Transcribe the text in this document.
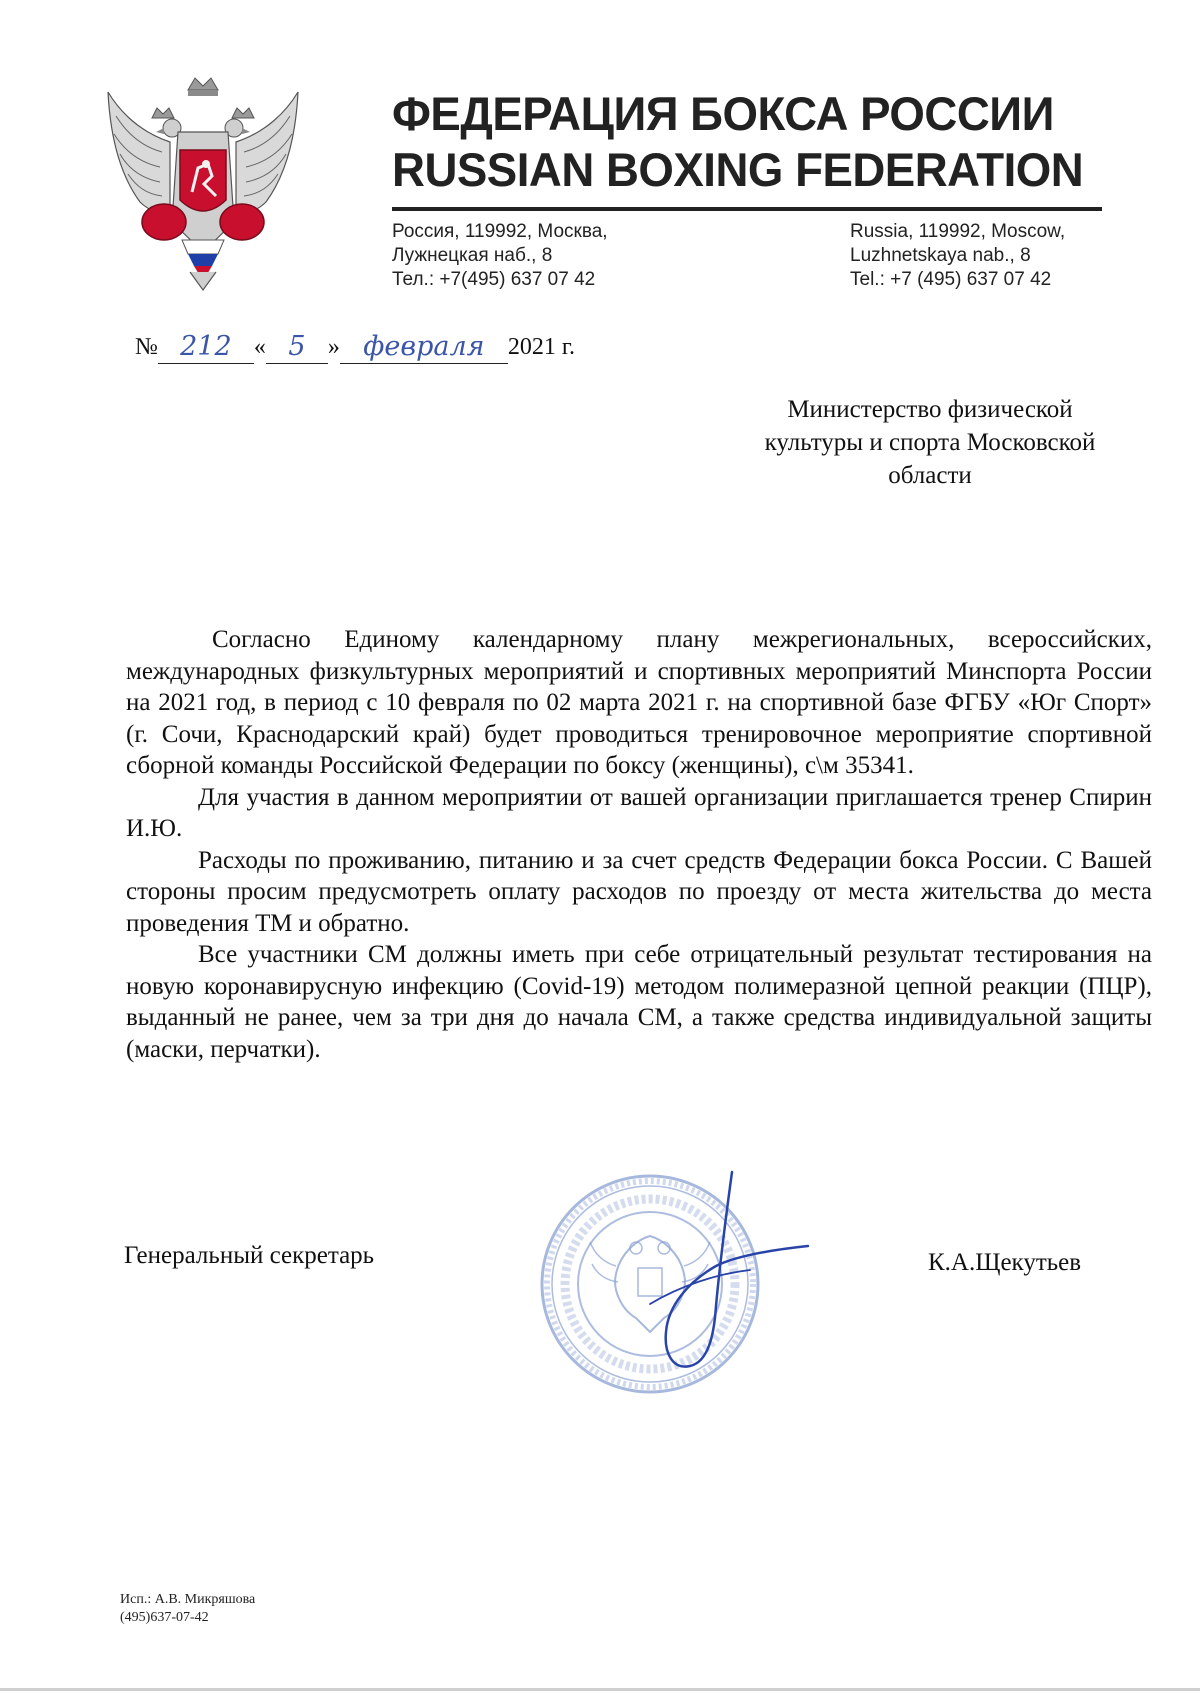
ФЕДЕРАЦИЯ БОКСА РОССИИ
RUSSIAN BOXING FEDERATION
Россия, 119992, Москва,
Лужнецкая наб., 8
Тел.: +7(495) 637 07 42
Russia, 119992, Moscow,
Luzhnetskaya nab., 8
Tel.: +7 (495) 637 07 42
№ 212 « 5 » февраля 2021 г.
Министерство физической
культуры и спорта Московской
области

Согласно Единому календарному плану межрегиональных, всероссийских, международных физкультурных мероприятий и спортивных мероприятий Минспорта России на 2021 год, в период с 10 февраля по 02 марта 2021 г. на спортивной базе ФГБУ «Юг Спорт» (г. Сочи, Краснодарский край) будет проводиться тренировочное мероприятие спортивной сборной команды Российской Федерации по боксу (женщины), с\м 35341.

Для участия в данном мероприятии от вашей организации приглашается тренер Спирин И.Ю.

Расходы по проживанию, питанию и за счет средств Федерации бокса России. С Вашей стороны просим предусмотреть оплату расходов по проезду от места жительства до места проведения ТМ и обратно.

Все участники СМ должны иметь при себе отрицательный результат тестирования на новую коронавирусную инфекцию (Covid-19) методом полимеразной цепной реакции (ПЦР), выданный не ранее, чем за три дня до начала СМ, а также средства индивидуальной защиты (маски, перчатки).

Генеральный секретарь	К.А.Щекутьев
Исп.: А.В. Микряшова
(495)637-07-42
